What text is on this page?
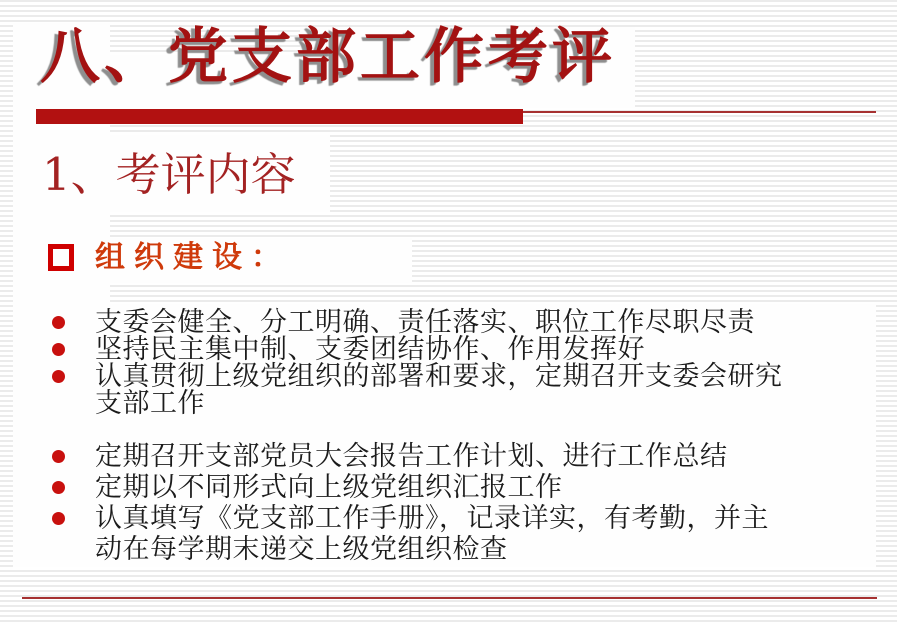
八、党支部工作考评
1、考评内容
组织建设：
支委会健全、分工明确、责任落实、职位工作尽职尽责
坚持民主集中制、支委团结协作、作用发挥好
认真贯彻上级党组织的部署和要求，定期召开支委会研究
支部工作
定期召开支部党员大会报告工作计划、进行工作总结
定期以不同形式向上级党组织汇报工作
认真填写《党支部工作手册》，记录详实，有考勤，并主
动在每学期末递交上级党组织检查
